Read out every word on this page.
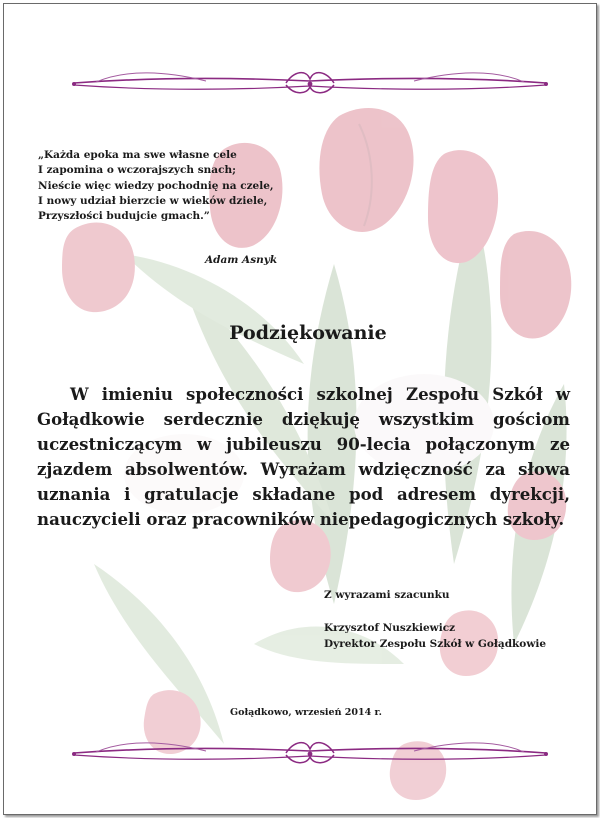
„Każda epoka ma swe własne cele
I zapomina o wczorajszych snach;
Nieście więc wiedzy pochodnię na czele,
I nowy udział bierzcie w wieków dziele,
Przyszłości budujcie gmach.”
Adam Asnyk
Podziękowanie
W imieniu społeczności szkolnej Zespołu Szkół w Gołądkowie serdecznie dziękuję wszystkim gościom uczestniczącym w jubileuszu 90-lecia połączonym ze zjazdem absolwentów. Wyrażam wdzięczność za słowa uznania i gratulacje składane pod adresem dyrekcji, nauczycieli oraz pracowników niepedagogicznych szkoły.
Z wyrazami szacunku
Krzysztof Nuszkiewicz
Dyrektor Zespołu Szkół w Gołądkowie
Gołądkowo, wrzesień 2014 r.
